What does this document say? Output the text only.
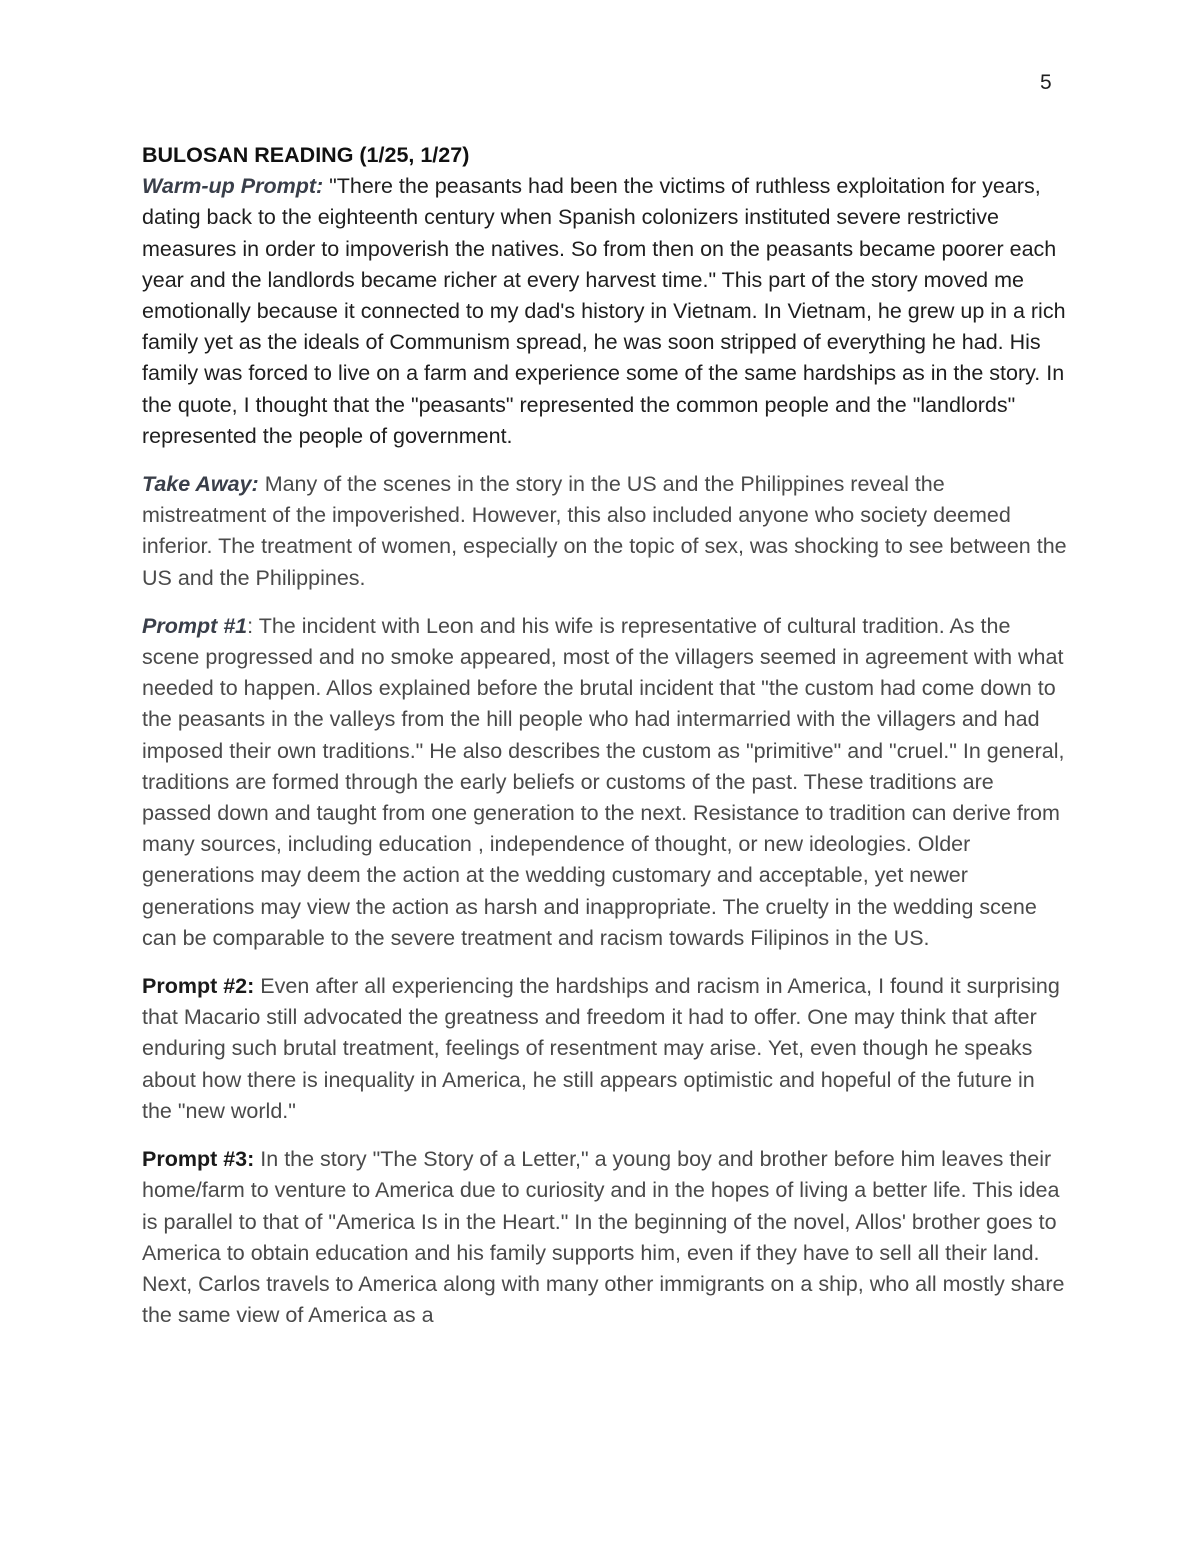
5
BULOSAN READING (1/25, 1/27)

Warm-up Prompt: "There the peasants had been the victims of ruthless exploitation for years, dating back to the eighteenth century when Spanish colonizers instituted severe restrictive measures in order to impoverish the natives. So from then on the peasants became poorer each year and the landlords became richer at every harvest time." This part of the story moved me emotionally because it connected to my dad's history in Vietnam. In Vietnam, he grew up in a rich family yet as the ideals of Communism spread, he was soon stripped of everything he had. His family was forced to live on a farm and experience some of the same hardships as in the story. In the quote, I thought that the "peasants" represented the common people and the "landlords" represented the people of government.

Take Away: Many of the scenes in the story in the US and the Philippines reveal the mistreatment of the impoverished. However, this also included anyone who society deemed inferior. The treatment of women, especially on the topic of sex, was shocking to see between the US and the Philippines.

Prompt #1: The incident with Leon and his wife is representative of cultural tradition. As the scene progressed and no smoke appeared, most of the villagers seemed in agreement with what needed to happen. Allos explained before the brutal incident that "the custom had come down to the peasants in the valleys from the hill people who had intermarried with the villagers and had imposed their own traditions." He also describes the custom as "primitive" and "cruel." In general, traditions are formed through the early beliefs or customs of the past. These traditions are passed down and taught from one generation to the next. Resistance to tradition can derive from many sources, including education , independence of thought, or new ideologies. Older generations may deem the action at the wedding customary and acceptable, yet newer generations may view the action as harsh and inappropriate. The cruelty in the wedding scene can be comparable to the severe treatment and racism towards Filipinos in the US.

Prompt #2: Even after all experiencing the hardships and racism in America, I found it surprising that Macario still advocated the greatness and freedom it had to offer. One may think that after enduring such brutal treatment, feelings of resentment may arise. Yet, even though he speaks about how there is inequality in America, he still appears optimistic and hopeful of the future in the "new world."

Prompt #3: In the story "The Story of a Letter," a young boy and brother before him leaves their home/farm to venture to America due to curiosity and in the hopes of living a better life. This idea is parallel to that of "America Is in the Heart." In the beginning of the novel, Allos' brother goes to America to obtain education and his family supports him, even if they have to sell all their land. Next, Carlos travels to America along with many other immigrants on a ship, who all mostly share the same view of America as a
